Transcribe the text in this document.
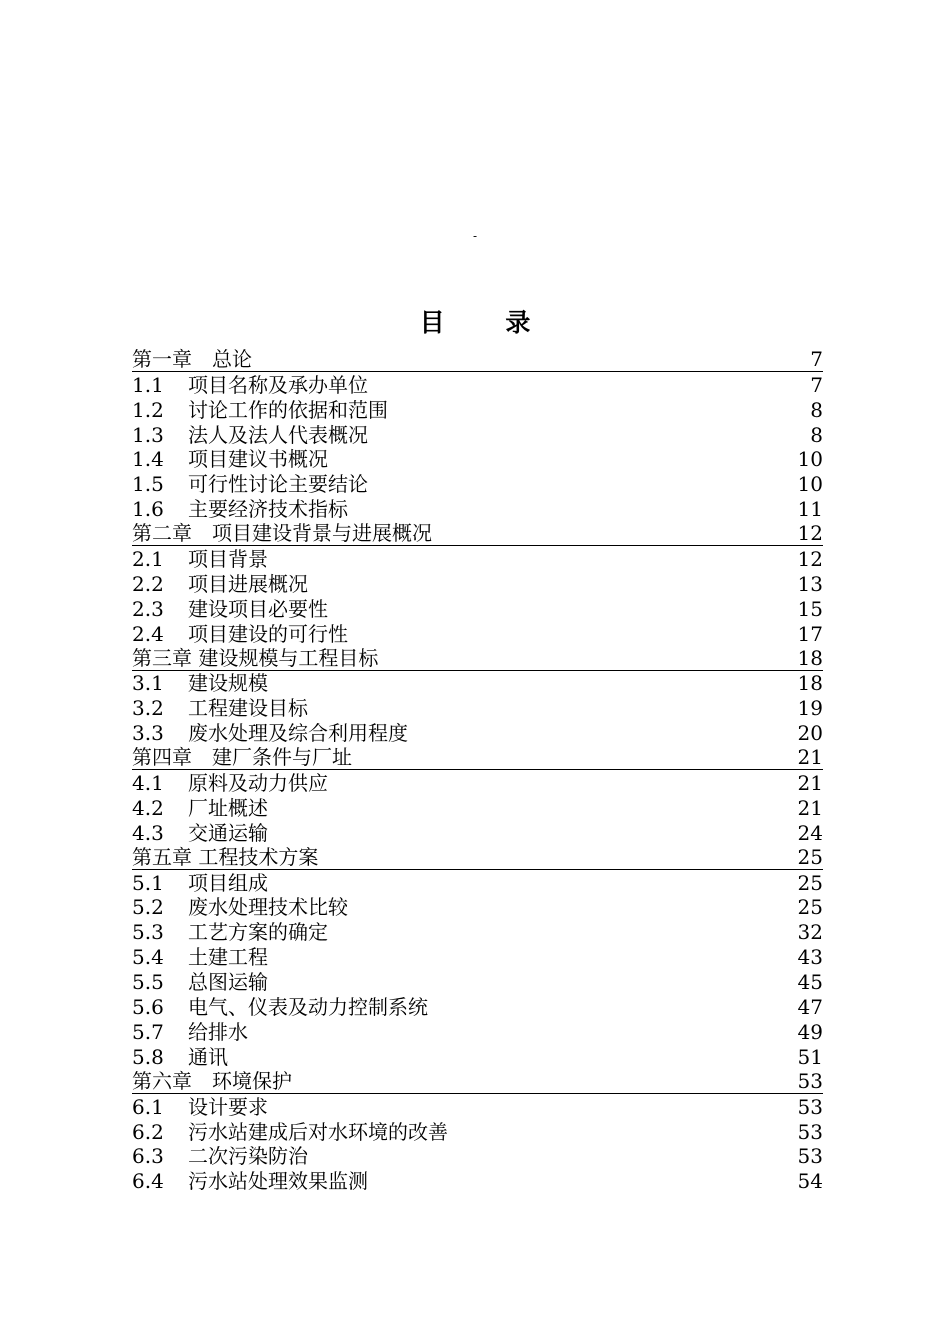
-
目 录
第一章　总论	7
1.1	项目名称及承办单位	7
1.2	讨论工作的依据和范围	8
1.3	法人及法人代表概况	8
1.4	项目建议书概况	10
1.5	可行性讨论主要结论	10
1.6	主要经济技术指标	11
第二章　项目建设背景与进展概况	12
2.1	项目背景	12
2.2	项目进展概况	13
2.3	建设项目必要性	15
2.4	项目建设的可行性	17
第三章 建设规模与工程目标	18
3.1	建设规模	18
3.2	工程建设目标	19
3.3	废水处理及综合利用程度	20
第四章　建厂条件与厂址	21
4.1	原料及动力供应	21
4.2	厂址概述	21
4.3	交通运输	24
第五章 工程技术方案	25
5.1	项目组成	25
5.2	废水处理技术比较	25
5.3	工艺方案的确定	32
5.4	土建工程	43
5.5	总图运输	45
5.6	电气、仪表及动力控制系统	47
5.7	给排水	49
5.8	通讯	51
第六章　环境保护	53
6.1	设计要求	53
6.2	污水站建成后对水环境的改善	53
6.3	二次污染防治	53
6.4	污水站处理效果监测	54
